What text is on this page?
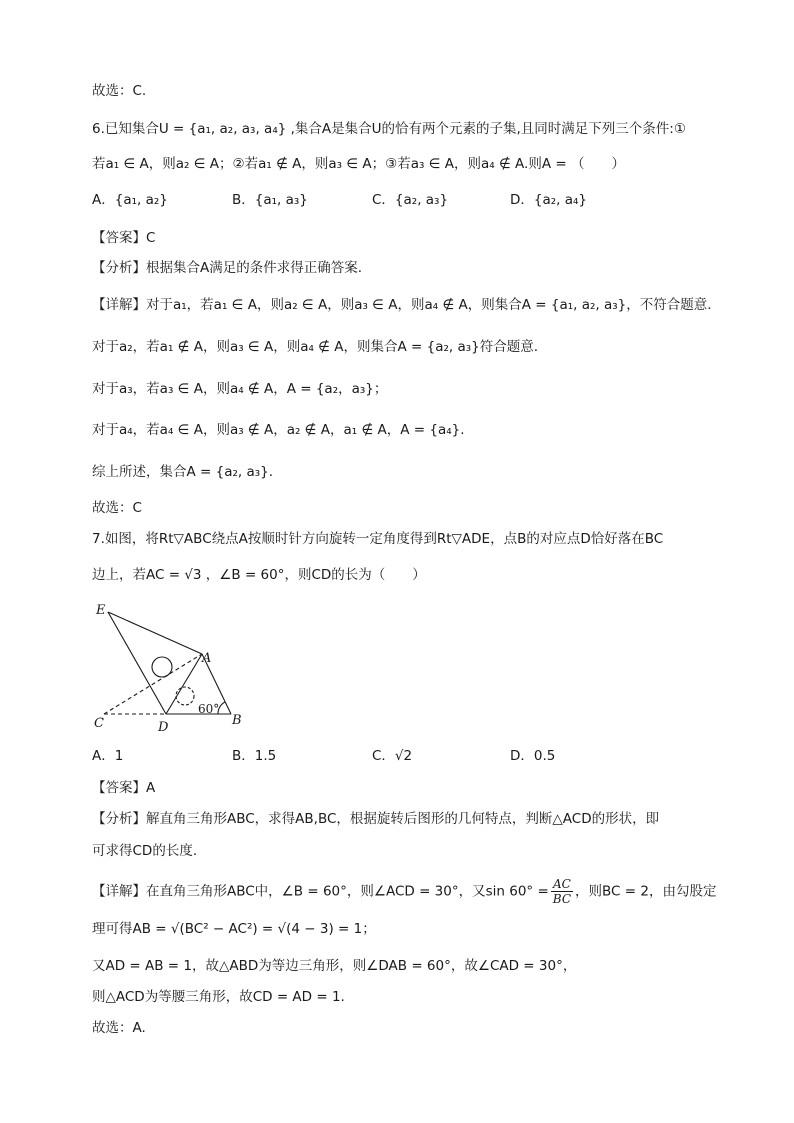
故选：C.
6.已知集合U = {a₁, a₂, a₃, a₄} ,集合A是集合U的恰有两个元素的子集,且同时满足下列三个条件:①
若a₁ ∈ A，则a₂ ∈ A；②若a₁ ∉ A，则a₃ ∈ A；③若a₃ ∈ A，则a₄ ∉ A.则A = （　　）
A．{a₁, a₂}	B．{a₁, a₃}	C．{a₂, a₃}	D．{a₂, a₄}
【答案】C
【分析】根据集合A满足的条件求得正确答案.
【详解】对于a₁，若a₁ ∈ A，则a₂ ∈ A，则a₃ ∈ A，则a₄ ∉ A，则集合A = {a₁, a₂, a₃}，不符合题意.
对于a₂，若a₁ ∉ A，则a₃ ∈ A，则a₄ ∉ A，则集合A = {a₂, a₃}符合题意.
对于a₃，若a₃ ∈ A，则a₄ ∉ A，A = {a₂，a₃}；
对于a₄，若a₄ ∈ A，则a₃ ∉ A，a₂ ∉ A，a₁ ∉ A，A = {a₄}.
综上所述，集合A = {a₂, a₃}.
故选：C
7.如图，将Rt▽ABC绕点A按顺时针方向旋转一定角度得到Rt▽ADE，点B的对应点D恰好落在BC
边上，若AC = √3 ，∠B = 60°，则CD的长为（　　）
E
A
C	D	B
60°
A．1	B．1.5	C．√2	D．0.5
【答案】A
【分析】解直角三角形ABC，求得AB,BC，根据旋转后图形的几何特点，判断△ACD的形状，即
可求得CD的长度.
【详解】在直角三角形ABC中，∠B = 60°，则∠ACD = 30°，又$\sin 60^\circ = \frac{AC}{BC}$ ，则BC = 2，由勾股定
理可得AB = √(BC² − AC²) = √(4 − 3) = 1；
又AD = AB = 1，故△ABD为等边三角形，则∠DAB = 60°，故∠CAD = 30°，
则△ACD为等腰三角形，故CD = AD = 1.
故选：A.
